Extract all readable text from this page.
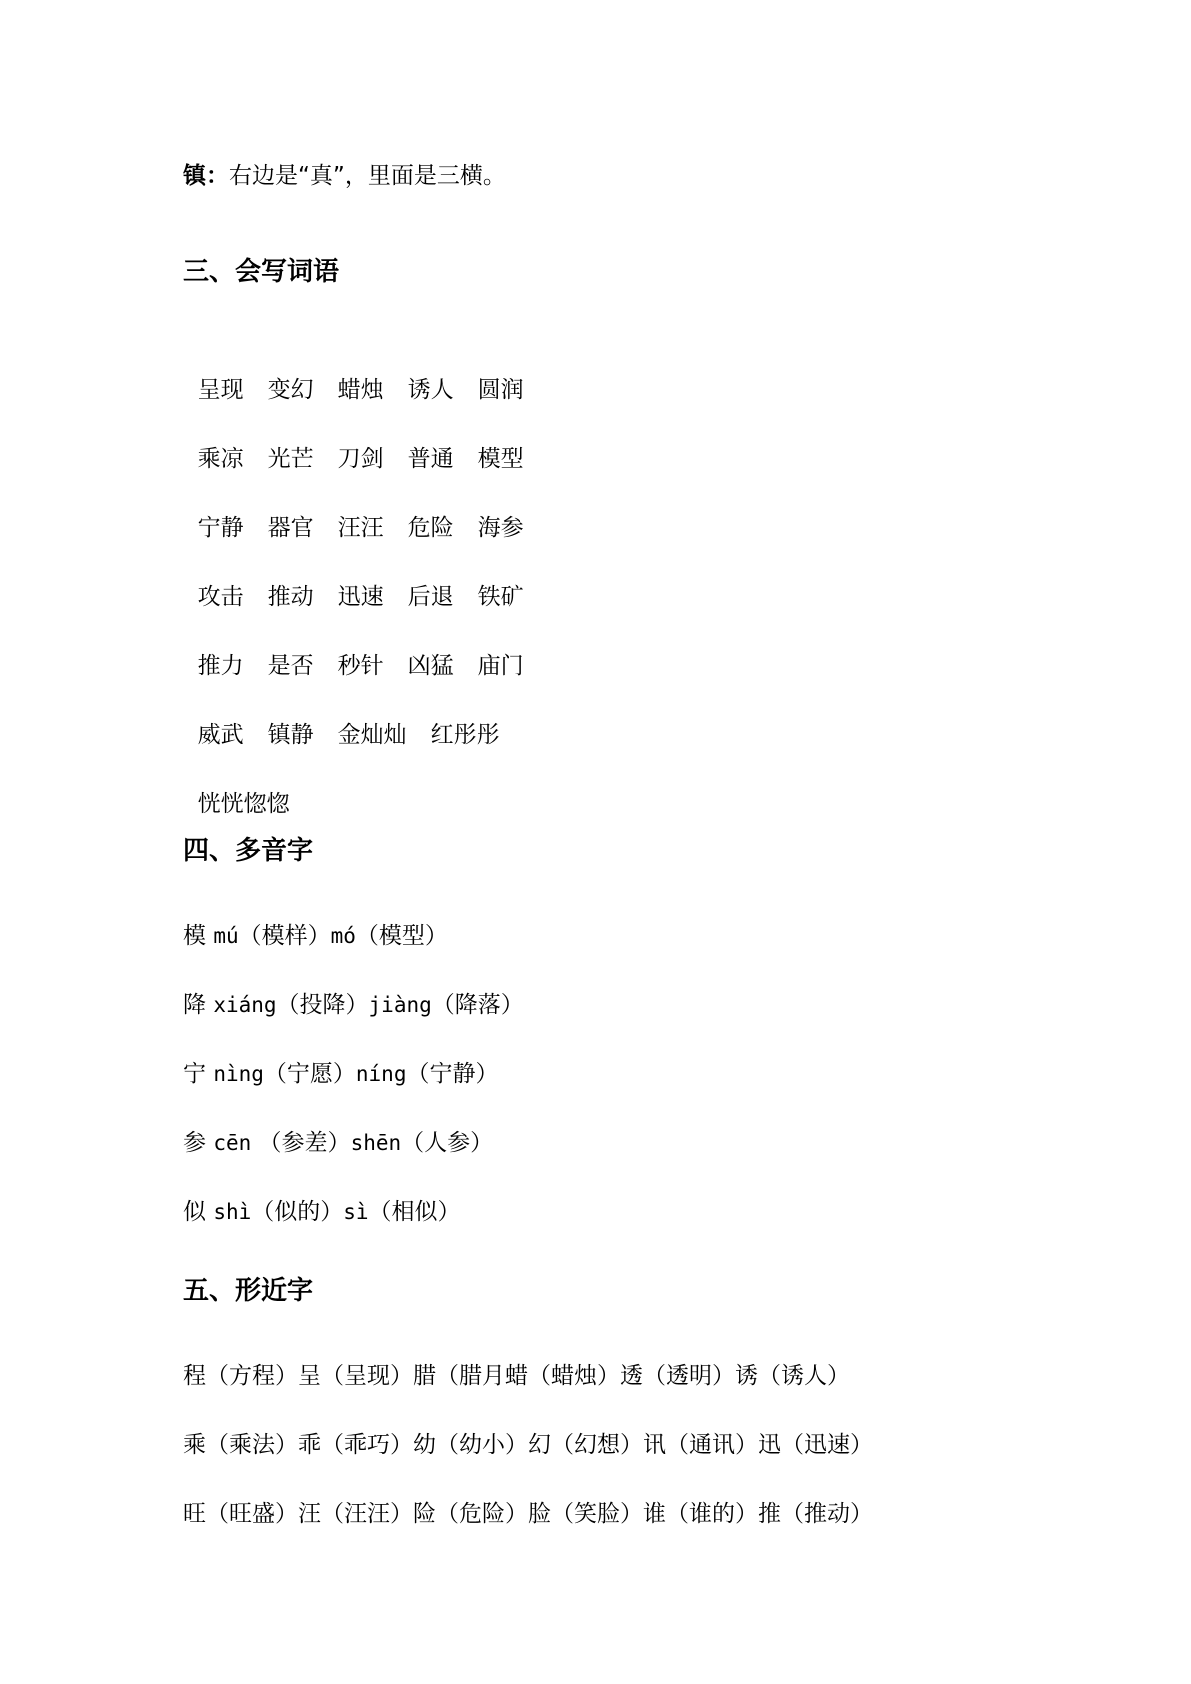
镇：右边是“真”，里面是三横。
三、会写词语

呈现 变幻 蜡烛 诱人 圆润

乘凉 光芒 刀剑 普通 模型

宁静 器官 汪汪 危险 海参

攻击 推动 迅速 后退 铁矿

推力 是否 秒针 凶猛 庙门

威武 镇静 金灿灿 红彤彤

恍恍惚惚

四、多音字
模 mú（模样）mó（模型）
降 xiáng（投降）jiàng（降落）
宁 nìng（宁愿）níng（宁静）
参 cēn （参差）shēn（人参）
似 shì（似的）sì（相似）
五、形近字
程（方程）呈（呈现）腊（腊月蜡（蜡烛）透（透明）诱（诱人）
乘（乘法）乖（乖巧）幼（幼小）幻（幻想）讯（通讯）迅（迅速）
旺（旺盛）汪（汪汪）险（危险）脸（笑脸）谁（谁的）推（推动）
